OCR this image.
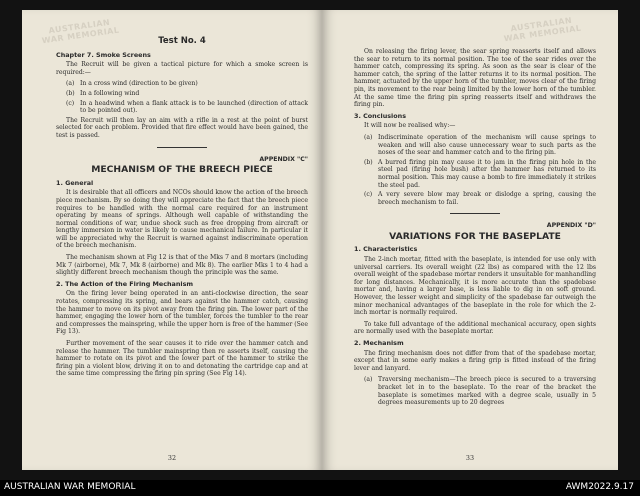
AUSTRALIAN WAR MEMORIAL	Test No. 4
Chapter 7. Smoke Screens

The Recruit will be given a tactical picture for which a smoke screen is required:—

(a) In a cross wind (direction to be given)
(b) In a following wind
(c) In a headwind when a flank attack is to be launched (direction of attack to be pointed out).

The Recruit will then lay an aim with a rifle in a rest at the point of burst selected for each problem. Provided that fire effect would have been gained, the test is passed.

APPENDIX "C"
MECHANISM OF THE BREECH PIECE
1. General

It is desirable that all officers and NCOs should know the action of the breech piece mechanism. By so doing they will appreciate the fact that the breech piece requires to be handled with the normal care required for an instrument operating by means of springs. Although well capable of withstanding the normal conditions of war, undue shock such as free dropping from aircraft or lengthy immersion in water is likely to cause mechanical failure. In particular it will be appreciated why the Recruit is warned against indiscriminate operation of the breech mechanism.

The mechanism shown at Fig 12 is that of the Mks 7 and 8 mortars (including Mk 7 (airborne), Mk 7, Mk 8 (airborne) and Mk 8). The earlier Mks 1 to 4 had a slightly different breech mechanism though the principle was the same.

2. The Action of the Firing Mechanism

On the firing lever being operated in an anti-clockwise direction, the sear rotates, compressing its spring, and bears against the hammer catch, causing the hammer to move on its pivot away from the firing pin. The lower part of the hammer, engaging the lower horn of the tumbler, forces the tumbler to the rear and compresses the mainspring, while the upper horn is free of the hammer (See Fig 13).

Further movement of the sear causes it to ride over the hammer catch and release the hammer. The tumbler mainspring then re asserts itself, causing the hammer to rotate on its pivot and the lower part of the hammer to strike the firing pin a violent blow, driving it on to and detonating the cartridge cap and at the same time compressing the firing pin spring (See Fig 14).

32
AUSTRALIAN WAR MEMORIAL

On releasing the firing lever, the sear spring reasserts itself and allows the sear to return to its normal position. The toe of the sear rides over the hammer catch, compressing its spring. As soon as the sear is clear of the hammer catch, the spring of the latter returns it to its normal position. The hammer, actuated by the upper horn of the tumbler, moves clear of the firing pin, its movement to the rear being limited by the lower horn of the tumbler. At the same time the firing pin spring reasserts itself and withdraws the firing pin.

3. Conclusions

It will now be realised why:—

(a) Indiscriminate operation of the mechanism will cause springs to weaken and will also cause unnecessary wear to such parts as the noses of the sear and hammer catch and to the firing pin.
(b) A burred firing pin may cause it to jam in the firing pin hole in the steel pad (firing hole bush) after the hammer has returned to its normal position. This may cause a bomb to fire immediately it strikes the steel pad.
(c) A very severe blow may break or dislodge a spring, causing the breech mechanism to fail.
APPENDIX "D"
VARIATIONS FOR THE BASEPLATE
1. Characteristics

The 2-inch mortar, fitted with the baseplate, is intended for use only with universal carriers. Its overall weight (22 lbs) as compared with the 12 lbs overall weight of the spadebase mortar renders it unsuitable for manhandling for long distances. Mechanically, it is more accurate than the spadebase mortar and, having a larger base, is less liable to dig in on soft ground. However, the lesser weight and simplicity of the spadebase far outweigh the minor mechanical advantages of the baseplate in the role for which the 2-inch mortar is normally required.

To take full advantage of the additional mechanical accuracy, open sights are normally used with the baseplate mortar.

2. Mechanism

The firing mechanism does not differ from that of the spadebase mortar, except that in some early makes a firing grip is fitted instead of the firing lever and lanyard.

(a) Traversing mechanism—The breech piece is secured to a traversing bracket let in to the baseplate. To the rear of the bracket the baseplate is sometimes marked with a degree scale, usually in 5 degrees measurements up to 20 degrees
33
AUSTRALIAN WAR MEMORIAL	AWM2022.9.17
